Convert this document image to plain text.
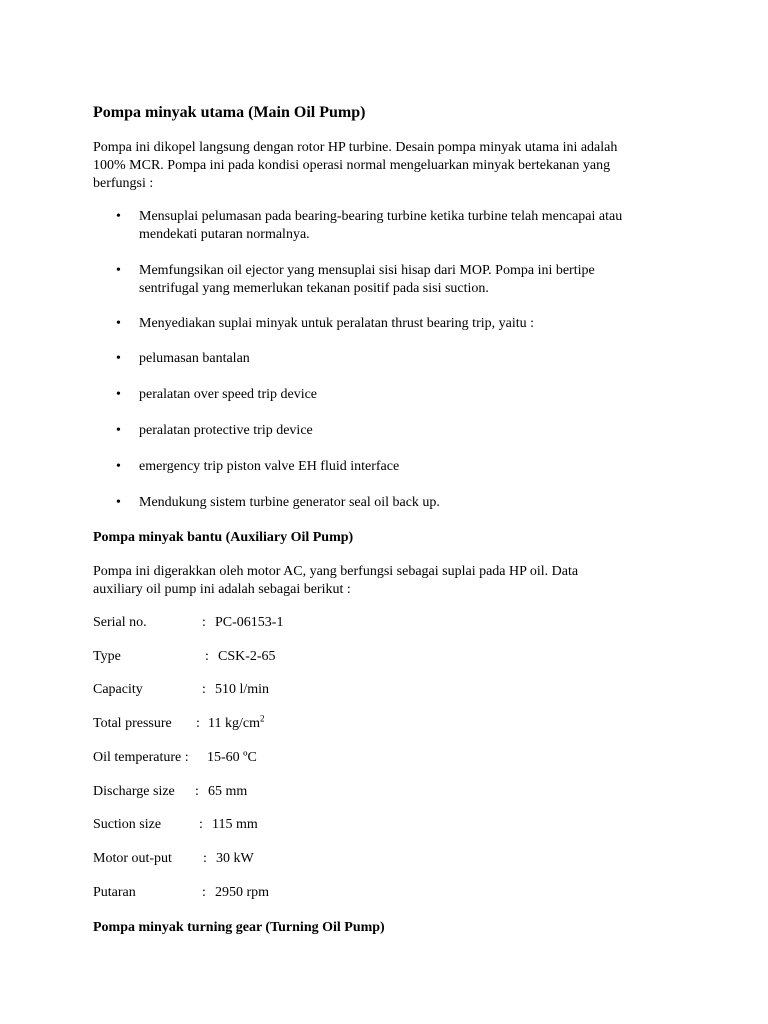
Pompa minyak utama (Main Oil Pump)
Pompa ini dikopel langsung dengan rotor HP turbine. Desain pompa minyak utama ini adalah
100% MCR. Pompa ini pada kondisi operasi normal mengeluarkan minyak bertekanan yang
berfungsi :
• Mensuplai pelumasan pada bearing-bearing turbine ketika turbine telah mencapai atau
mendekati putaran normalnya.
• Memfungsikan oil ejector yang mensuplai sisi hisap dari MOP. Pompa ini bertipe
sentrifugal yang memerlukan tekanan positif pada sisi suction.
• Menyediakan suplai minyak untuk peralatan thrust bearing trip, yaitu :
• pelumasan bantalan
• peralatan over speed trip device
• peralatan protective trip device
• emergency trip piston valve EH fluid interface
• Mendukung sistem turbine generator seal oil back up.
Pompa minyak bantu (Auxiliary Oil Pump)
Pompa ini digerakkan oleh motor AC, yang berfungsi sebagai suplai pada HP oil. Data
auxiliary oil pump ini adalah sebagai berikut :
Serial no.	: PC-06153-1
Type	: CSK-2-65
Capacity	: 510 l/min
Total pressure : 11 $kg/cm^2$
Oil temperature : 15-60 ºC
Discharge size : 65 mm
Suction size	: 115 mm
Motor out-put : 30 kW
Putaran	: 2950 rpm
Pompa minyak turning gear (Turning Oil Pump)
